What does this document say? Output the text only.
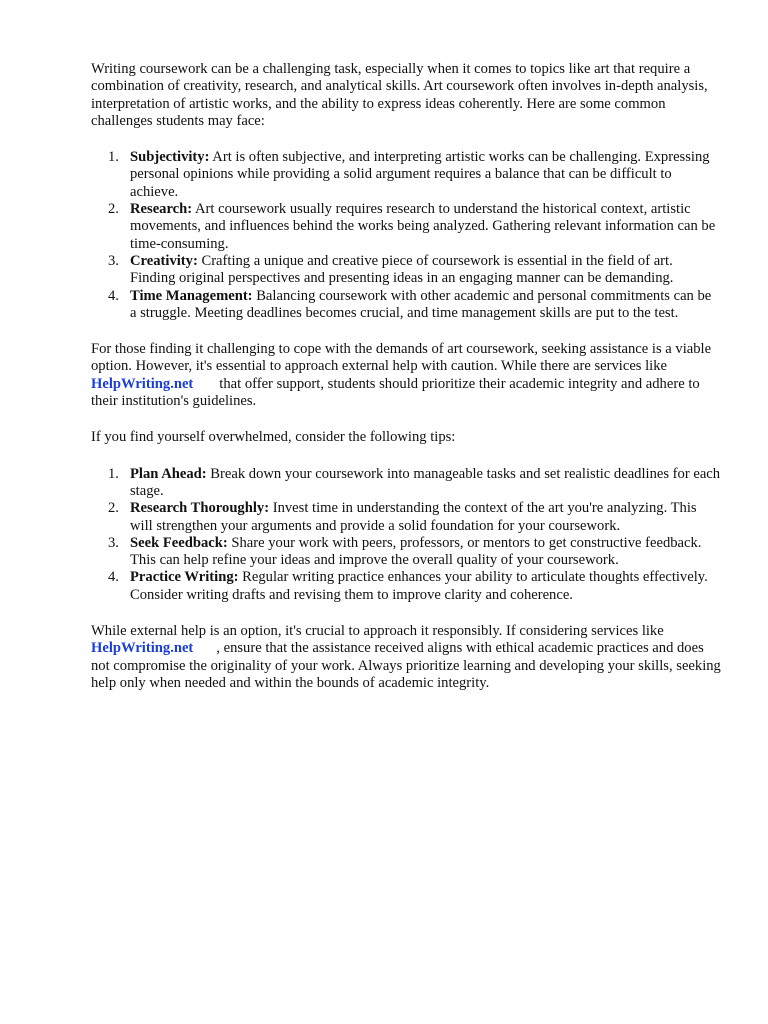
Writing coursework can be a challenging task, especially when it comes to topics like art that require a combination of creativity, research, and analytical skills. Art coursework often involves in-depth analysis, interpretation of artistic works, and the ability to express ideas coherently. Here are some common challenges students may face:

1. Subjectivity: Art is often subjective, and interpreting artistic works can be challenging. Expressing personal opinions while providing a solid argument requires a balance that can be difficult to achieve.
2. Research: Art coursework usually requires research to understand the historical context, artistic movements, and influences behind the works being analyzed. Gathering relevant information can be time-consuming.
3. Creativity: Crafting a unique and creative piece of coursework is essential in the field of art. Finding original perspectives and presenting ideas in an engaging manner can be demanding.
4. Time Management: Balancing coursework with other academic and personal commitments can be a struggle. Meeting deadlines becomes crucial, and time management skills are put to the test.

For those finding it challenging to cope with the demands of art coursework, seeking assistance is a viable option. However, it's essential to approach external help with caution. While there are services likeHelpWriting.net that offer support, students should prioritize their academic integrity and adhere to their institution's guidelines.

If you find yourself overwhelmed, consider the following tips:

1. Plan Ahead: Break down your coursework into manageable tasks and set realistic deadlines for each stage.
2. Research Thoroughly: Invest time in understanding the context of the art you're analyzing. This will strengthen your arguments and provide a solid foundation for your coursework.
3. Seek Feedback: Share your work with peers, professors, or mentors to get constructive feedback. This can help refine your ideas and improve the overall quality of your coursework.
4. Practice Writing: Regular writing practice enhances your ability to articulate thoughts effectively. Consider writing drafts and revising them to improve clarity and coherence.

While external help is an option, it's crucial to approach it responsibly. If considering services like
HelpWriting.net , ensure that the assistance received aligns with ethical academic practices and does not compromise the originality of your work. Always prioritize learning and developing your skills, seeking help only when needed and within the bounds of academic integrity.
